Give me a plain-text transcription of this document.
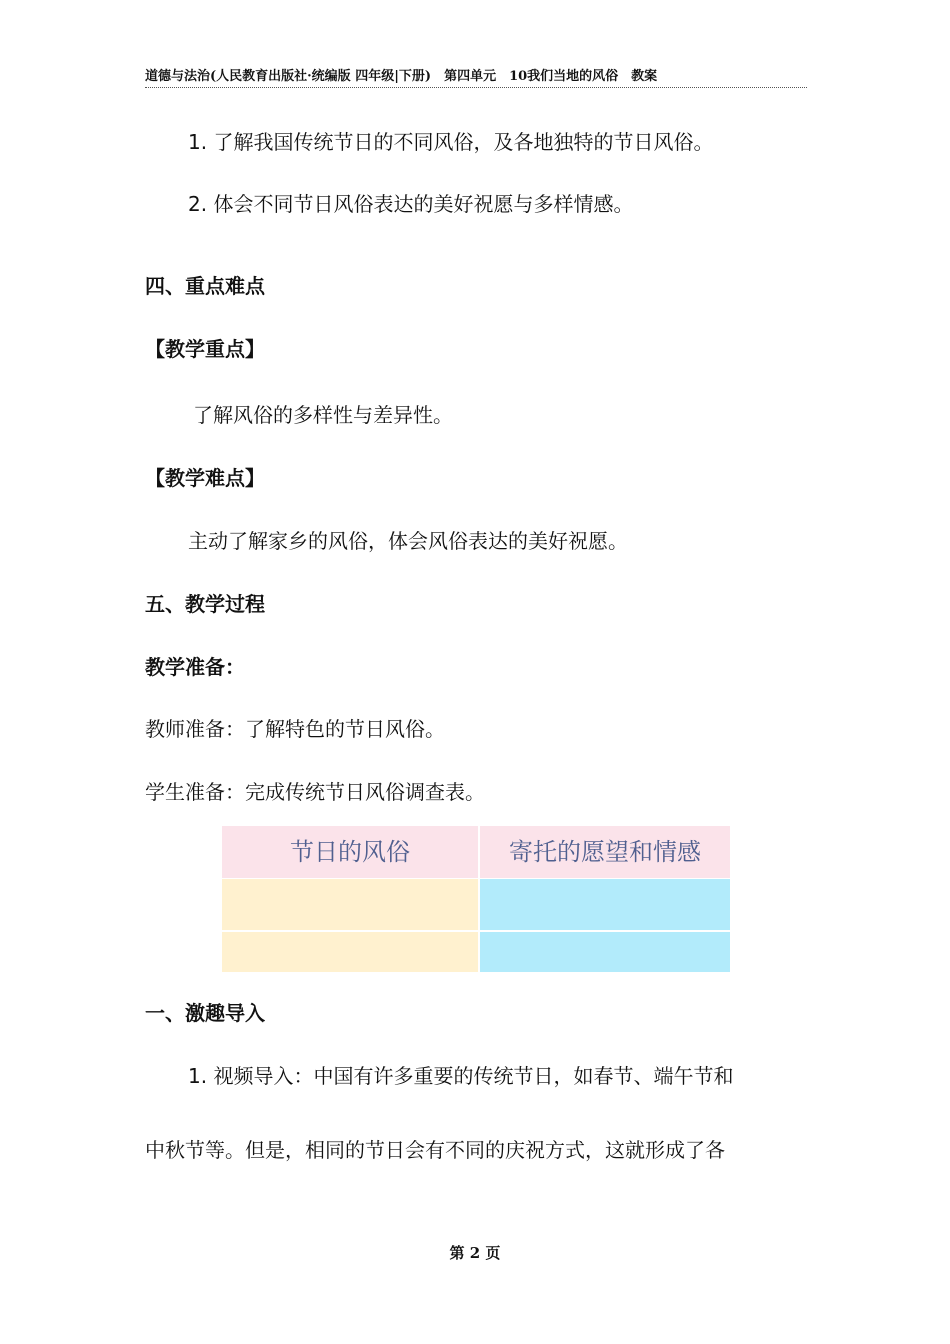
道德与法治(人民教育出版社·统编版 四年级|下册)　第四单元　10我们当地的风俗　教案
1. 了解我国传统节日的不同风俗，及各地独特的节日风俗。
2. 体会不同节日风俗表达的美好祝愿与多样情感。
四、重点难点
【教学重点】
了解风俗的多样性与差异性。
【教学难点】
主动了解家乡的风俗，体会风俗表达的美好祝愿。
五、教学过程
教学准备：
教师准备：了解特色的节日风俗。
学生准备：完成传统节日风俗调查表。
节日的风俗	寄托的愿望和情感
一、激趣导入
1. 视频导入：中国有许多重要的传统节日，如春节、端午节和
中秋节等。但是，相同的节日会有不同的庆祝方式，这就形成了各
第 2 页
